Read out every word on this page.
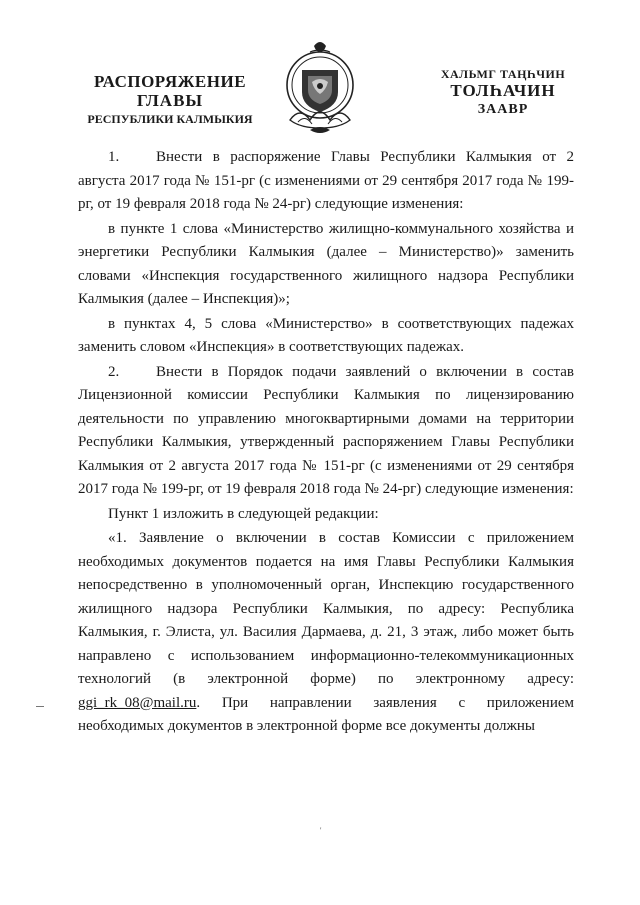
РАСПОРЯЖЕНИЕ
ГЛАВЫ
РЕСПУБЛИКИ КАЛМЫКИЯ
ХАЛЬМГ ТАҢҺЧИН
ТОЛҺАЧИН
ЗААВР

1. Внести в распоряжение Главы Республики Калмыкия от 2 августа 2017 года № 151-рг (с изменениями от 29 сентября 2017 года № 199-рг, от 19 февраля 2018 года № 24-рг) следующие изменения:

в пункте 1 слова «Министерство жилищно-коммунального хозяйства и энергетики Республики Калмыкия (далее – Министерство)» заменить словами «Инспекция государственного жилищного надзора Республики Калмыкия (далее – Инспекция)»;

в пунктах 4, 5 слова «Министерство» в соответствующих падежах заменить словом «Инспекция» в соответствующих падежах.

2. Внести в Порядок подачи заявлений о включении в состав Лицензионной комиссии Республики Калмыкия по лицензированию деятельности по управлению многоквартирными домами на территории Республики Калмыкия, утвержденный распоряжением Главы Республики Калмыкия от 2 августа 2017 года № 151-рг (с изменениями от 29 сентября 2017 года № 199-рг, от 19 февраля 2018 года № 24-рг) следующие изменения:

Пункт 1 изложить в следующей редакции:

«1. Заявление о включении в состав Комиссии с приложением необходимых документов подается на имя Главы Республики Калмыкия непосредственно в уполномоченный орган, Инспекцию государственного жилищного надзора Республики Калмыкия, по адресу: Республика Калмыкия, г. Элиста, ул. Василия Дармаева, д. 21, 3 этаж, либо может быть направлено с использованием информационно-телекоммуникационных технологий (в электронной форме) по электронному адресу: ggi_rk_08@mail.ru. При направлении заявления с приложением необходимых документов в электронной форме все документы должны

'
